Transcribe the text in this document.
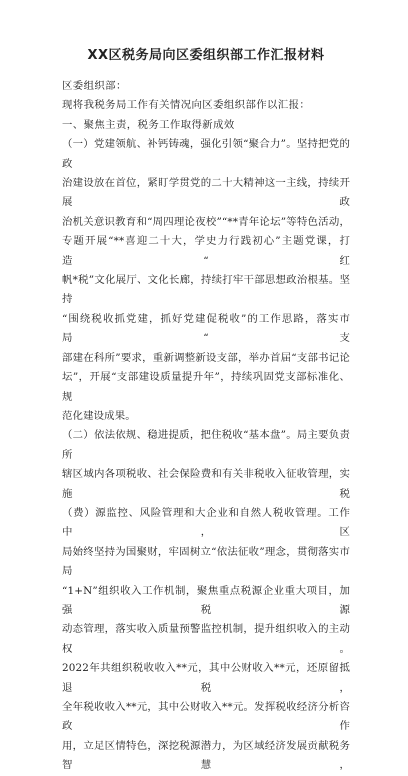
XX区税务局向区委组织部工作汇报材料
区委组织部：
现将我税务局工作有关情况向区委组织部作以汇报：
一、聚焦主责，税务工作取得新成效

（一）党建领航、补钙铸魂，强化引领“聚合力”。坚持把党的政

治建设放在首位，紧盯学贯党的二十大精神这一主线，持续开展政

治机关意识教育和“周四理论夜校”“**青年论坛”等特色活动，

专题开展“**喜迎二十大，学史力行践初心”主题党课，打造“红

帆*税”文化展厅、文化长廊，持续打牢干部思想政治根基。坚持

“围绕税收抓党建，抓好党建促税收”的工作思路，落实市局“支

部建在科所”要求，重新调整新设支部，举办首届“支部书记论

坛”，开展“支部建设质量提升年”，持续巩固党支部标准化、规

范化建设成果。

（二）依法依规、稳进提质，把住税收“基本盘”。局主要负责所

辖区域内各项税收、社会保险费和有关非税收入征收管理，实施税

（费）源监控、风险管理和大企业和自然人税收管理。工作中，区

局始终坚持为国聚财，牢固树立“依法征收”理念，贯彻落实市局

“1+N”组织收入工作机制，聚焦重点税源企业重大项目，加强税源

动态管理，落实收入质量预警监控机制，提升组织收入的主动权。

2022年共组织税收收入**元，其中公财收入**元，还原留抵退税，

全年税收收入**元，其中公财收入**元。发挥税收经济分析咨政作

用，立足区情特色，深挖税源潜力，为区域经济发展贡献税务智慧，
